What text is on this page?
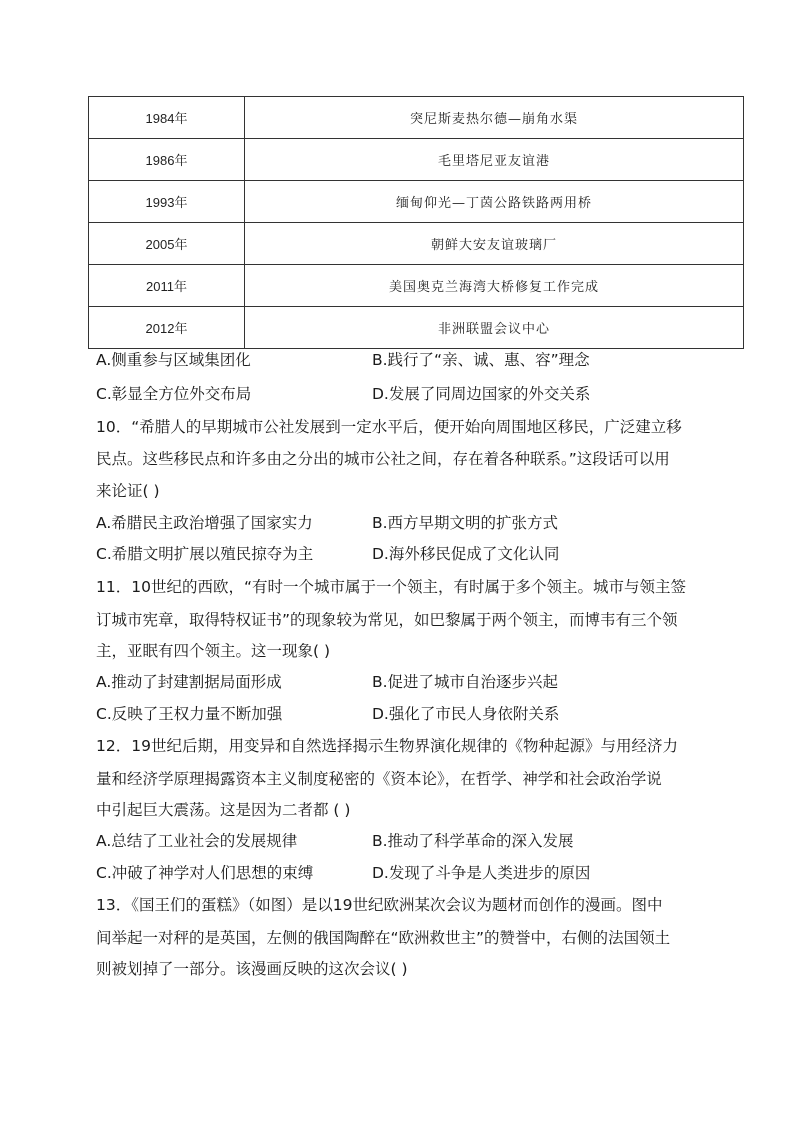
1984年	突尼斯麦热尔德—崩角水渠
1986年	毛里塔尼亚友谊港
1993年	缅甸仰光—丁茵公路铁路两用桥
2005年	朝鲜大安友谊玻璃厂
2011年	美国奥克兰海湾大桥修复工作完成
2012年	非洲联盟会议中心
A.侧重参与区域集团化	B.践行了“亲、诚、惠、容”理念
C.彰显全方位外交布局	D.发展了同周边国家的外交关系
10．“希腊人的早期城市公社发展到一定水平后，便开始向周围地区移民，广泛建立移
民点。这些移民点和许多由之分出的城市公社之间，存在着各种联系。”这段话可以用
来论证( )
A.希腊民主政治增强了国家实力	B.西方早期文明的扩张方式
C.希腊文明扩展以殖民掠夺为主	D.海外移民促成了文化认同
11．10世纪的西欧，“有时一个城市属于一个领主，有时属于多个领主。城市与领主签
订城市宪章，取得特权证书”的现象较为常见，如巴黎属于两个领主，而博韦有三个领
主，亚眠有四个领主。这一现象( )
A.推动了封建割据局面形成	B.促进了城市自治逐步兴起
C.反映了王权力量不断加强	D.强化了市民人身依附关系
12．19世纪后期，用变异和自然选择揭示生物界演化规律的《物种起源》与用经济力
量和经济学原理揭露资本主义制度秘密的《资本论》，在哲学、神学和社会政治学说
中引起巨大震荡。这是因为二者都 ( )
A.总结了工业社会的发展规律	B.推动了科学革命的深入发展
C.冲破了神学对人们思想的束缚	D.发现了斗争是人类进步的原因
13．《国王们的蛋糕》（如图）是以19世纪欧洲某次会议为题材而创作的漫画。图中
间举起一对秤的是英国，左侧的俄国陶醉在“欧洲救世主”的赞誉中，右侧的法国领土
则被划掉了一部分。该漫画反映的这次会议( )
